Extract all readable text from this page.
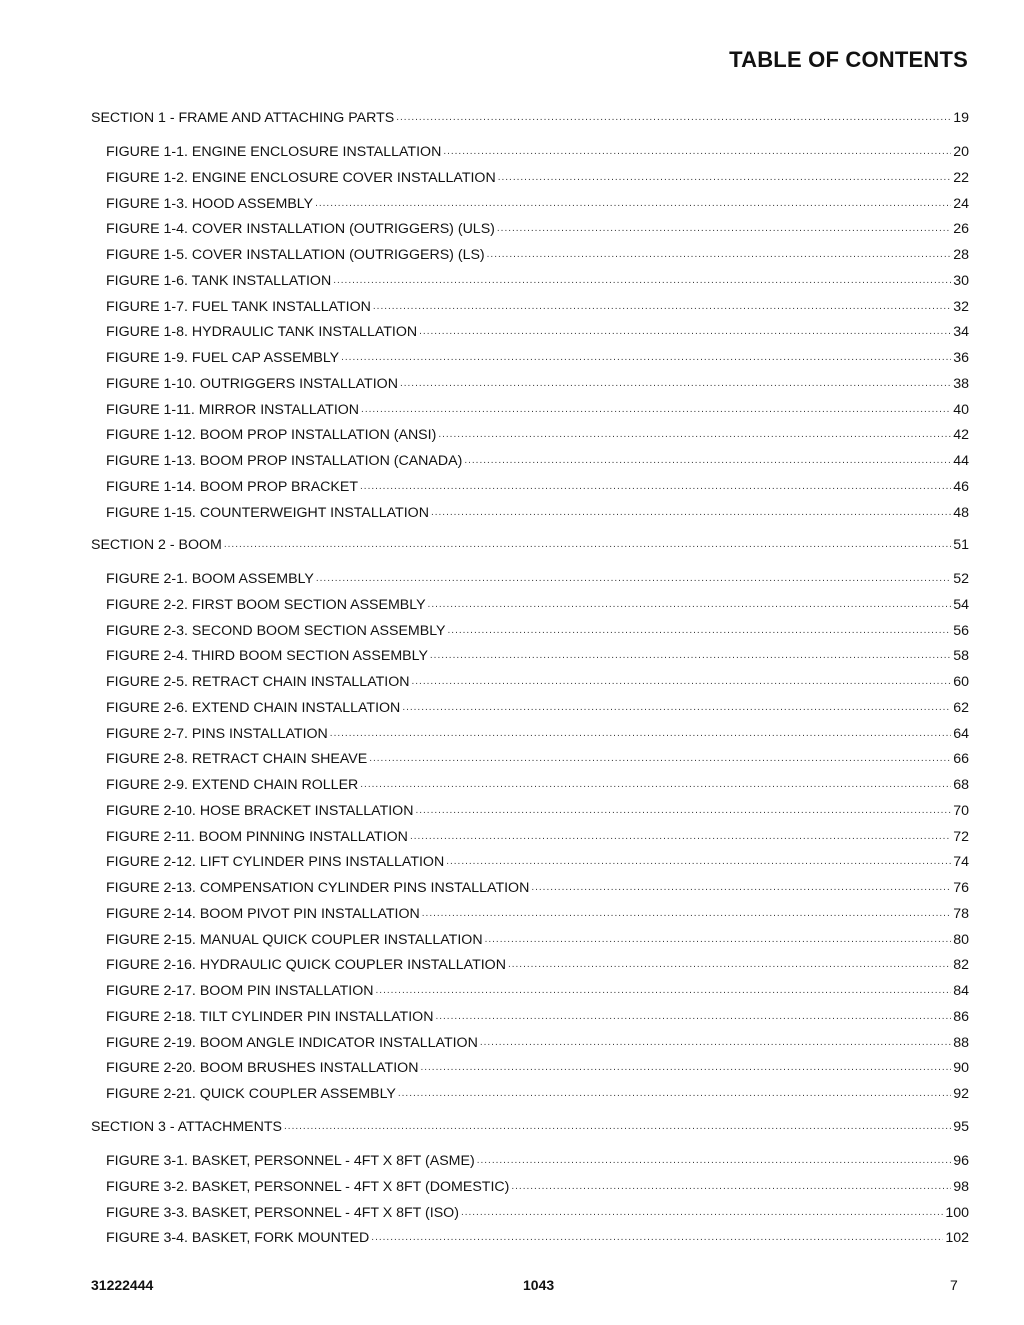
TABLE OF CONTENTS
SECTION 1 - FRAME AND ATTACHING PARTS .....	19
FIGURE 1-1. ENGINE ENCLOSURE INSTALLATION .....	20
FIGURE 1-2. ENGINE ENCLOSURE COVER INSTALLATION .....	22
FIGURE 1-3. HOOD ASSEMBLY .....	24
FIGURE 1-4. COVER INSTALLATION (OUTRIGGERS) (ULS) .....	26
FIGURE 1-5. COVER INSTALLATION (OUTRIGGERS) (LS) .....	28
FIGURE 1-6. TANK INSTALLATION .....	30
FIGURE 1-7. FUEL TANK INSTALLATION .....	32
FIGURE 1-8. HYDRAULIC TANK INSTALLATION .....	34
FIGURE 1-9. FUEL CAP ASSEMBLY .....	36
FIGURE 1-10. OUTRIGGERS INSTALLATION .....	38
FIGURE 1-11. MIRROR INSTALLATION .....	40
FIGURE 1-12. BOOM PROP INSTALLATION (ANSI) .....	42
FIGURE 1-13. BOOM PROP INSTALLATION (CANADA) .....	44
FIGURE 1-14. BOOM PROP BRACKET .....	46
FIGURE 1-15. COUNTERWEIGHT INSTALLATION .....	48
SECTION 2 - BOOM .....	51
FIGURE 2-1. BOOM ASSEMBLY .....	52
FIGURE 2-2. FIRST BOOM SECTION ASSEMBLY .....	54
FIGURE 2-3. SECOND BOOM SECTION ASSEMBLY .....	56
FIGURE 2-4. THIRD BOOM SECTION ASSEMBLY .....	58
FIGURE 2-5. RETRACT CHAIN INSTALLATION .....	60
FIGURE 2-6. EXTEND CHAIN INSTALLATION .....	62
FIGURE 2-7. PINS INSTALLATION .....	64
FIGURE 2-8. RETRACT CHAIN SHEAVE .....	66
FIGURE 2-9. EXTEND CHAIN ROLLER .....	68
FIGURE 2-10. HOSE BRACKET INSTALLATION .....	70
FIGURE 2-11. BOOM PINNING INSTALLATION .....	72
FIGURE 2-12. LIFT CYLINDER PINS INSTALLATION .....	74
FIGURE 2-13. COMPENSATION CYLINDER PINS INSTALLATION .....	76
FIGURE 2-14. BOOM PIVOT PIN INSTALLATION .....	78
FIGURE 2-15. MANUAL QUICK COUPLER INSTALLATION .....	80
FIGURE 2-16. HYDRAULIC QUICK COUPLER INSTALLATION .....	82
FIGURE 2-17. BOOM PIN INSTALLATION .....	84
FIGURE 2-18. TILT CYLINDER PIN INSTALLATION .....	86
FIGURE 2-19. BOOM ANGLE INDICATOR INSTALLATION .....	88
FIGURE 2-20. BOOM BRUSHES INSTALLATION .....	90
FIGURE 2-21. QUICK COUPLER ASSEMBLY .....	92
SECTION 3 - ATTACHMENTS .....	95
FIGURE 3-1. BASKET, PERSONNEL - 4FT X 8FT (ASME) .....	96
FIGURE 3-2. BASKET, PERSONNEL - 4FT X 8FT (DOMESTIC) .....	98
FIGURE 3-3. BASKET, PERSONNEL - 4FT X 8FT (ISO) .....	100
FIGURE 3-4. BASKET, FORK MOUNTED .....	102
31222444	1043	7
